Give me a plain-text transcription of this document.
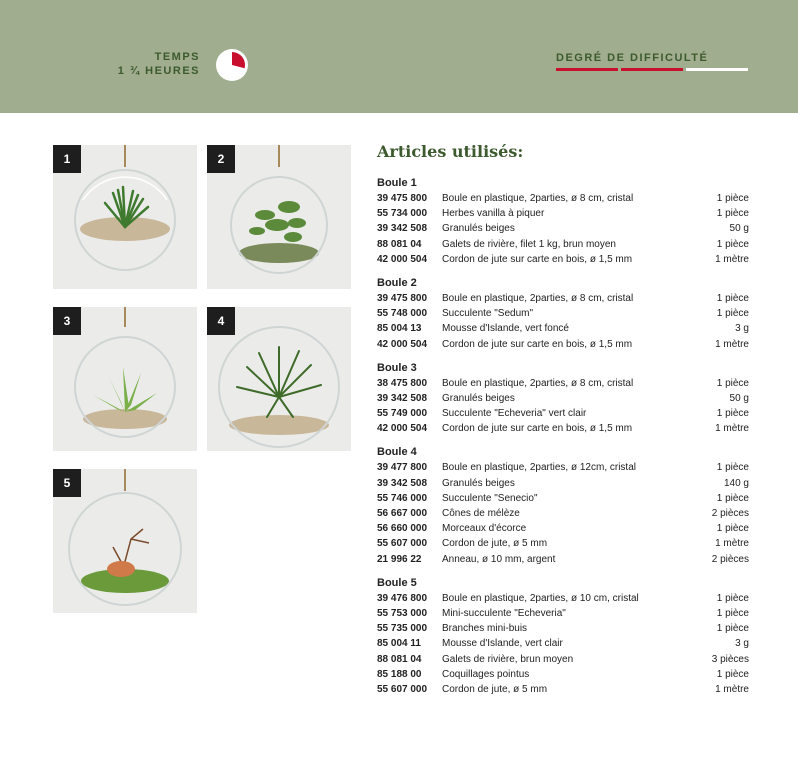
TEMPS
1 ¾ HEURES
DEGRÉ DE DIFFICULTÉ
1	2
3	4
5
Articles utilisés:
Boule 1
39 475 800	Boule en plastique, 2parties, ø 8 cm, cristal	1 pièce
55 734 000	Herbes vanilla à piquer	1 pièce
39 342 508	Granulés beiges	50 g
88 081 04	Galets de rivière, filet 1 kg, brun moyen	1 pièce
42 000 504	Cordon de jute sur carte en bois, ø 1,5 mm	1 mètre
Boule 2
39 475 800	Boule en plastique, 2parties, ø 8 cm, cristal	1 pièce
55 748 000	Succulente "Sedum"	1 pièce
85 004 13	Mousse d'Islande, vert foncé	3 g
42 000 504	Cordon de jute sur carte en bois, ø 1,5 mm	1 mètre
Boule 3
38 475 800	Boule en plastique, 2parties, ø 8 cm, cristal	1 pièce
39 342 508	Granulés beiges	50 g
55 749 000	Succulente "Echeveria" vert clair	1 pièce
42 000 504	Cordon de jute sur carte en bois, ø 1,5 mm	1 mètre
Boule 4
39 477 800	Boule en plastique, 2parties, ø 12cm, cristal	1 pièce
39 342 508	Granulés beiges	140 g
55 746 000	Succulente "Senecio"	1 pièce
56 667 000	Cônes de mélèze	2 pièces
56 660 000	Morceaux d'écorce	1 pièce
55 607 000	Cordon de jute, ø 5 mm	1 mètre
21 996 22	Anneau, ø 10 mm, argent	2 pièces
Boule 5
39 476 800	Boule en plastique, 2parties, ø 10 cm, cristal	1 pièce
55 753 000	Mini-succulente "Echeveria"	1 pièce
55 735 000	Branches mini-buis	1 pièce
85 004 11	Mousse d'Islande, vert clair	3 g
88 081 04	Galets de rivière, brun moyen	3 pièces
85 188 00	Coquillages pointus	1 pièce
55 607 000	Cordon de jute, ø 5 mm	1 mètre
